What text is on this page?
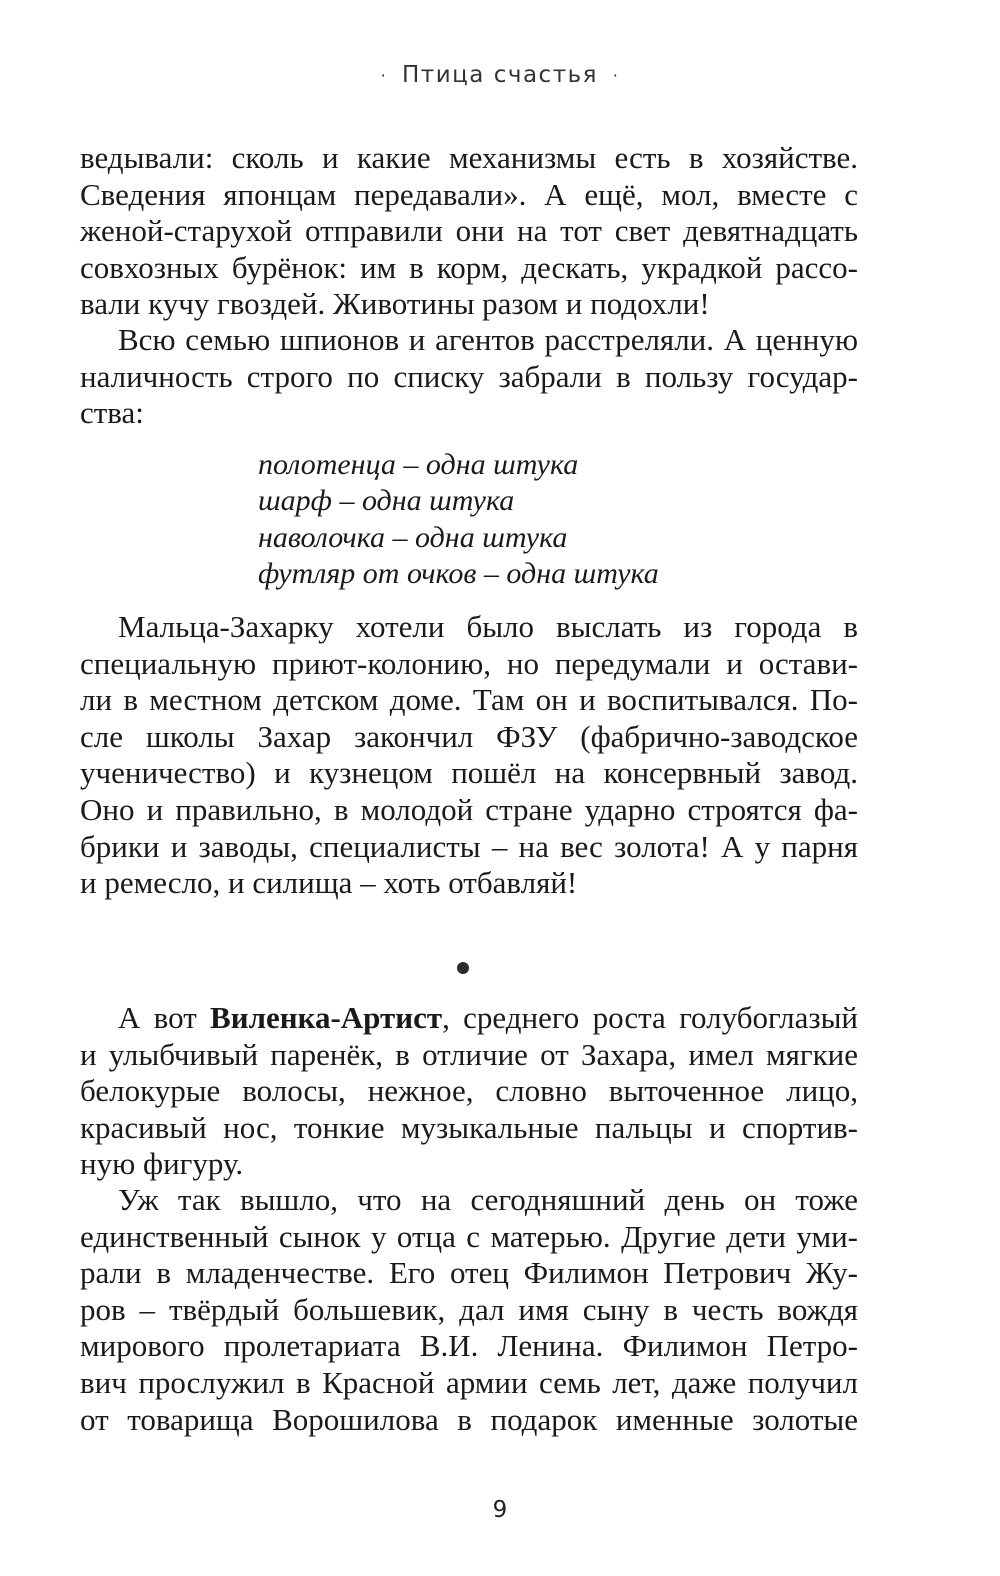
· Птица счастья ·
ведывали: сколь и какие механизмы есть в хозяйстве.
Сведения японцам передавали». А ещё, мол, вместе с
женой-старухой отправили они на тот свет девятнадцать
совхозных бурёнок: им в корм, дескать, украдкой рассо-
вали кучу гвоздей. Животины разом и подохли!
Всю семью шпионов и агентов расстреляли. А ценную
наличность строго по списку забрали в пользу государ-
ства:
полотенца – одна штука
шарф – одна штука
наволочка – одна штука
футляр от очков – одна штука
Мальца-Захарку хотели было выслать из города в
специальную приют-колонию, но передумали и остави-
ли в местном детском доме. Там он и воспитывался. По-
сле школы Захар закончил ФЗУ (фабрично-заводское
ученичество) и кузнецом пошёл на консервный завод.
Оно и правильно, в молодой стране ударно строятся фа-
брики и заводы, специалисты – на вес золота! А у парня
и ремесло, и силища – хоть отбавляй!
А вот Виленка-Артист, среднего роста голубоглазый
и улыбчивый паренёк, в отличие от Захара, имел мягкие
белокурые волосы, нежное, словно выточенное лицо,
красивый нос, тонкие музыкальные пальцы и спортив-
ную фигуру.
Уж так вышло, что на сегодняшний день он тоже
единственный сынок у отца с матерью. Другие дети уми-
рали в младенчестве. Его отец Филимон Петрович Жу-
ров – твёрдый большевик, дал имя сыну в честь вождя
мирового пролетариата В.И. Ленина. Филимон Петро-
вич прослужил в Красной армии семь лет, даже получил
от товарища Ворошилова в подарок именные золотые
9
